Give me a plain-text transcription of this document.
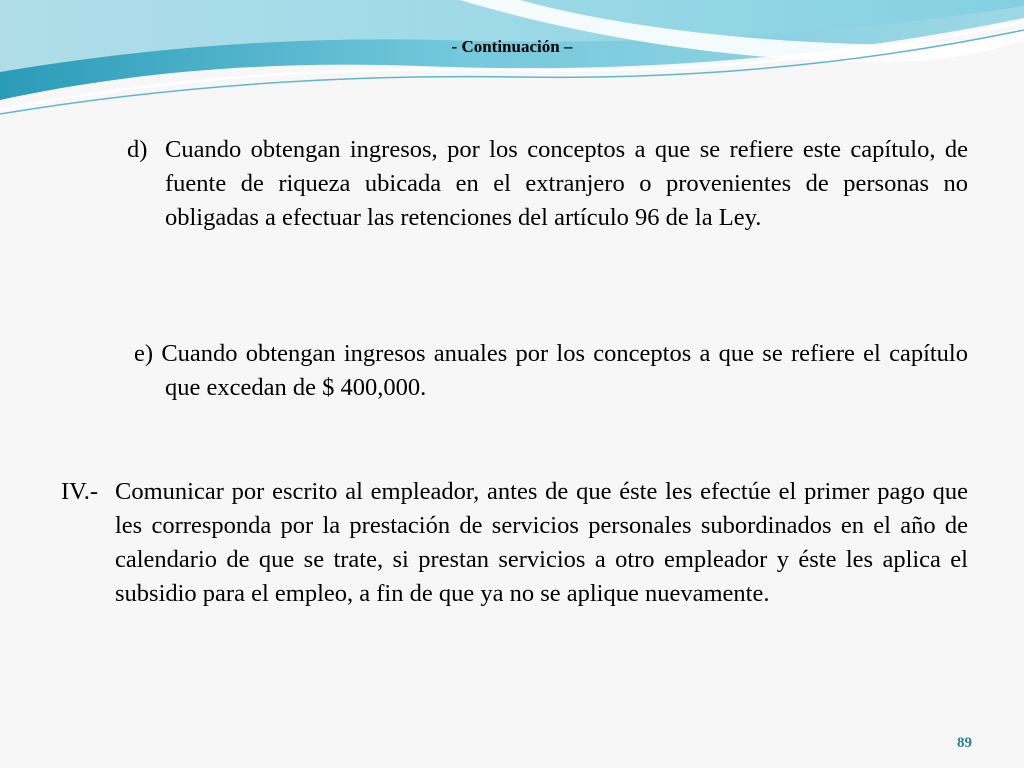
- Continuación –
d) Cuando obtengan ingresos, por los conceptos a que se refiere este capítulo, de fuente de riqueza ubicada en el extranjero o provenientes de personas no obligadas a efectuar las retenciones del artículo 96 de la Ley.
e) Cuando obtengan ingresos anuales por los conceptos a que se refiere el capítulo que excedan de $ 400,000.
IV.- Comunicar por escrito al empleador, antes de que éste les efectúe el primer pago que les corresponda por la prestación de servicios personales subordinados en el año de calendario de que se trate, si prestan servicios a otro empleador y éste les aplica el subsidio para el empleo, a fin de que ya no se aplique nuevamente.
89
